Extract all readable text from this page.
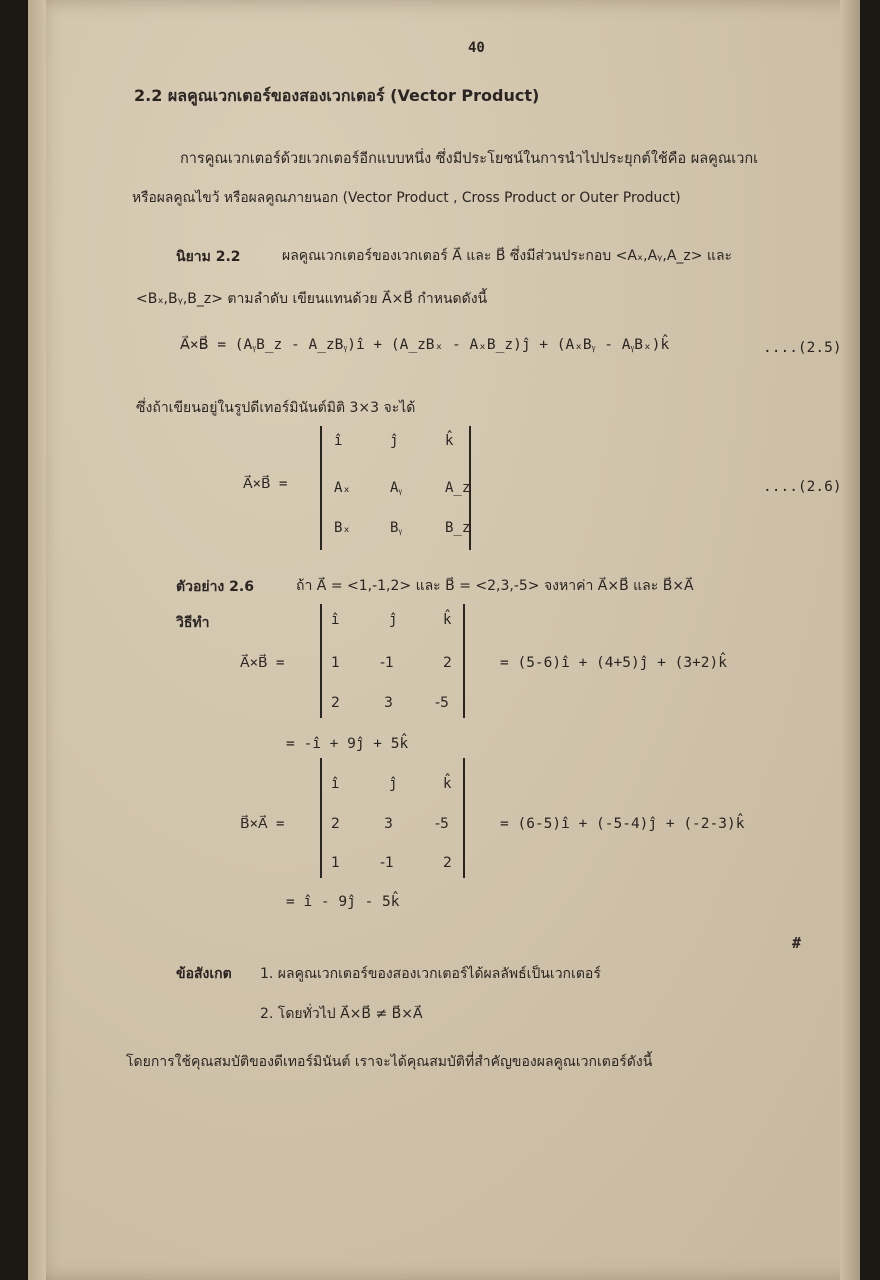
40
2.2 ผลคูณเวกเตอร์ของสองเวกเตอร์ (Vector Product)
การคูณเวกเตอร์ด้วยเวกเตอร์อีกแบบหนึ่ง ซึ่งมีประโยชน์ในการนำไปประยุกต์ใช้คือ ผลคูณเวกเ
หรือผลคูณไขว้ หรือผลคูณภายนอก (Vector Product , Cross Product or Outer Product)
นิยาม 2.2	ผลคูณเวกเตอร์ของเวกเตอร์ A⃗ และ B⃗ ซึ่งมีส่วนประกอบ <Aₓ,Aᵧ,A_z> และ
<Bₓ,Bᵧ,B_z> ตามลำดับ เขียนแทนด้วย A⃗×B⃗ กำหนดดังนี้
A⃗×B⃗ = (AᵧB_z - A_zBᵧ)î + (A_zBₓ - AₓB_z)ĵ + (AₓBᵧ - AᵧBₓ)k̂	....(2.5)
ซึ่งถ้าเขียนอยู่ในรูปดีเทอร์มินันต์มิติ 3×3 จะได้
A⃗×B⃗ =
î	ĵ	k̂
Aₓ	Aᵧ	A_z
Bₓ	Bᵧ	B_z
....(2.6)
ตัวอย่าง 2.6	ถ้า A⃗ = <1,-1,2> และ B⃗ = <2,3,-5> จงหาค่า A⃗×B⃗ และ B⃗×A⃗
วิธีทำ
A⃗×B⃗ =
î	ĵ	k̂
1	-1	2
2	3	-5
= (5-6)î + (4+5)ĵ + (3+2)k̂
= -î + 9ĵ + 5k̂
B⃗×A⃗ =
î	ĵ	k̂
2	3	-5
1	-1	2
= (6-5)î + (-5-4)ĵ + (-2-3)k̂
= î - 9ĵ - 5k̂
#
ข้อสังเกต 1. ผลคูณเวกเตอร์ของสองเวกเตอร์ได้ผลลัพธ์เป็นเวกเตอร์
2. โดยทั่วไป A⃗×B⃗ ≠ B⃗×A⃗
โดยการใช้คุณสมบัติของดีเทอร์มินันต์ เราจะได้คุณสมบัติที่สำคัญของผลคูณเวกเตอร์ดังนี้
